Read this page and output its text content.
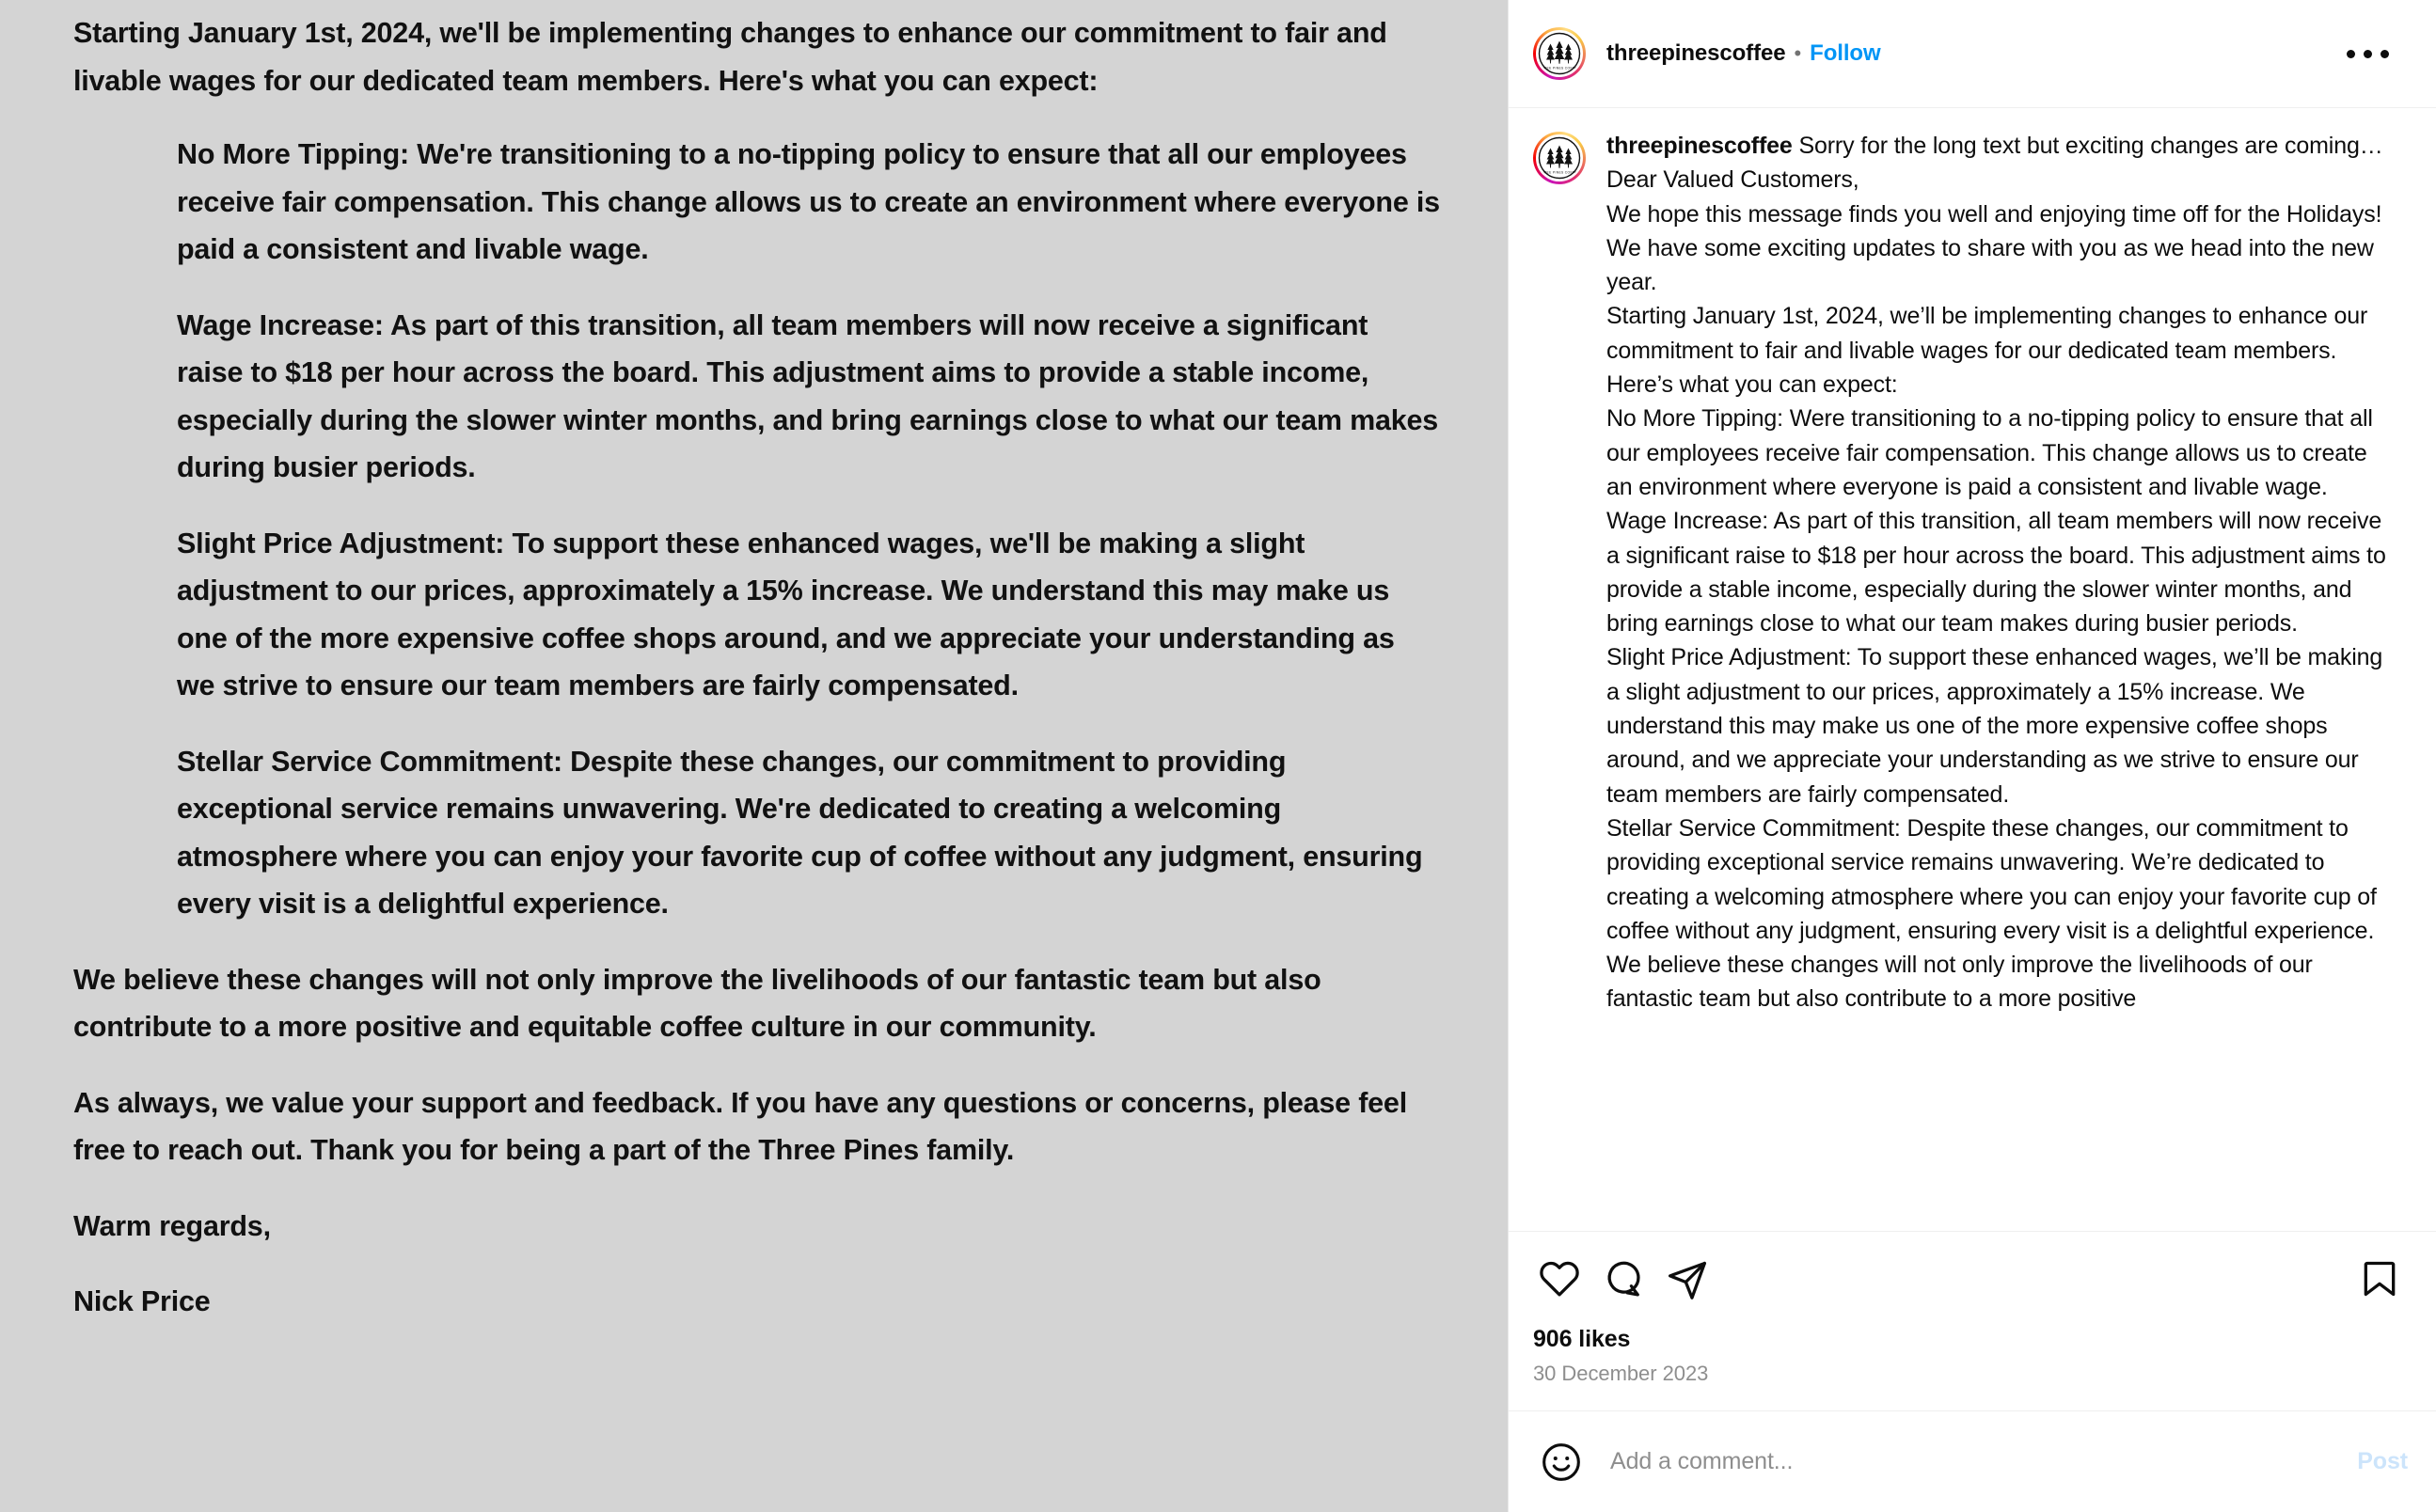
Starting January 1st, 2024, we'll be implementing changes to enhance our commitment to fair and livable wages for our dedicated team members. Here's what you can expect:

No More Tipping: We're transitioning to a no-tipping policy to ensure that all our employees receive fair compensation. This change allows us to create an environment where everyone is paid a consistent and livable wage.

Wage Increase: As part of this transition, all team members will now receive a significant raise to $18 per hour across the board. This adjustment aims to provide a stable income, especially during the slower winter months, and bring earnings close to what our team makes during busier periods.

Slight Price Adjustment: To support these enhanced wages, we'll be making a slight adjustment to our prices, approximately a 15% increase. We understand this may make us one of the more expensive coffee shops around, and we appreciate your understanding as we strive to ensure our team members are fairly compensated.

Stellar Service Commitment: Despite these changes, our commitment to providing exceptional service remains unwavering. We're dedicated to creating a welcoming atmosphere where you can enjoy your favorite cup of coffee without any judgment, ensuring every visit is a delightful experience.

We believe these changes will not only improve the livelihoods of our fantastic team but also contribute to a more positive and equitable coffee culture in our community.

As always, we value your support and feedback. If you have any questions or concerns, please feel free to reach out. Thank you for being a part of the Three Pines family.

Warm regards,

Nick Price

THREE PINES COFFEE
threepinescoffee • Follow
THREE PINES COFFEE
threepinescoffee Sorry for the long text but exciting changes are coming…
Dear Valued Customers,
We hope this message finds you well and enjoying time off for the Holidays! We have some exciting updates to share with you as we head into the new year.
Starting January 1st, 2024, we’ll be implementing changes to enhance our commitment to fair and livable wages for our dedicated team members. Here’s what you can expect:
No More Tipping: Were transitioning to a no-tipping policy to ensure that all our employees receive fair compensation. This change allows us to create an environment where everyone is paid a consistent and livable wage.
Wage Increase: As part of this transition, all team members will now receive a significant raise to $18 per hour across the board. This adjustment aims to provide a stable income, especially during the slower winter months, and bring earnings close to what our team makes during busier periods.
Slight Price Adjustment: To support these enhanced wages, we’ll be making a slight adjustment to our prices, approximately a 15% increase. We understand this may make us one of the more expensive coffee shops around, and we appreciate your understanding as we strive to ensure our team members are fairly compensated.
Stellar Service Commitment: Despite these changes, our commitment to providing exceptional service remains unwavering. We’re dedicated to creating a welcoming atmosphere where you can enjoy your favorite cup of coffee without any judgment, ensuring every visit is a delightful experience.
We believe these changes will not only improve the livelihoods of our fantastic team but also contribute to a more positive
906 likes
30 December 2023
Add a comment...
Post
